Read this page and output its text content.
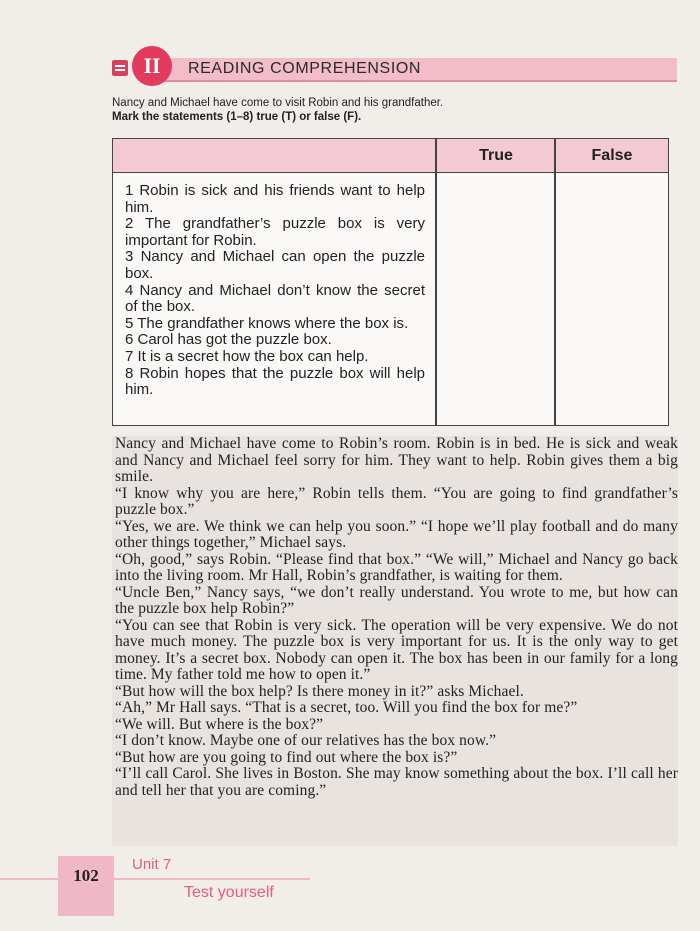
II	READING COMPREHENSION
Nancy and Michael have come to visit Robin and his grandfather.
Mark the statements (1–8) true (T) or false (F).
True	False
1 Robin is sick and his friends want to help him.
2 The grandfather’s puzzle box is very important for Robin.
3 Nancy and Michael can open the puzzle box.
4 Nancy and Michael don’t know the secret of the box.
5 The grandfather knows where the box is.
6 Carol has got the puzzle box.
7 It is a secret how the box can help.
8 Robin hopes that the puzzle box will help him.

Nancy and Michael have come to Robin’s room. Robin is in bed. He is sick and weak and Nancy and Michael feel sorry for him. They want to help. Robin gives them a big smile.

“I know why you are here,” Robin tells them. “You are going to find grandfather’s puzzle box.”

“Yes, we are. We think we can help you soon.” “I hope we’ll play football and do many other things together,” Michael says.

“Oh, good,” says Robin. “Please find that box.” “We will,” Michael and Nancy go back into the living room. Mr Hall, Robin’s grandfather, is waiting for them.

“Uncle Ben,” Nancy says, “we don’t really understand. You wrote to me, but how can the puzzle box help Robin?”

“You can see that Robin is very sick. The operation will be very expensive. We do not have much money. The puzzle box is very important for us. It is the only way to get money. It’s a secret box. Nobody can open it. The box has been in our family for a long time. My father told me how to open it.”

“But how will the box help? Is there money in it?” asks Michael.

“Ah,” Mr Hall says. “That is a secret, too. Will you find the box for me?”

“We will. But where is the box?”

“I don’t know. Maybe one of our relatives has the box now.”

“But how are you going to find out where the box is?”

“I’ll call Carol. She lives in Boston. She may know something about the box. I’ll call her and tell her that you are coming.”

102
Unit 7
Test yourself
